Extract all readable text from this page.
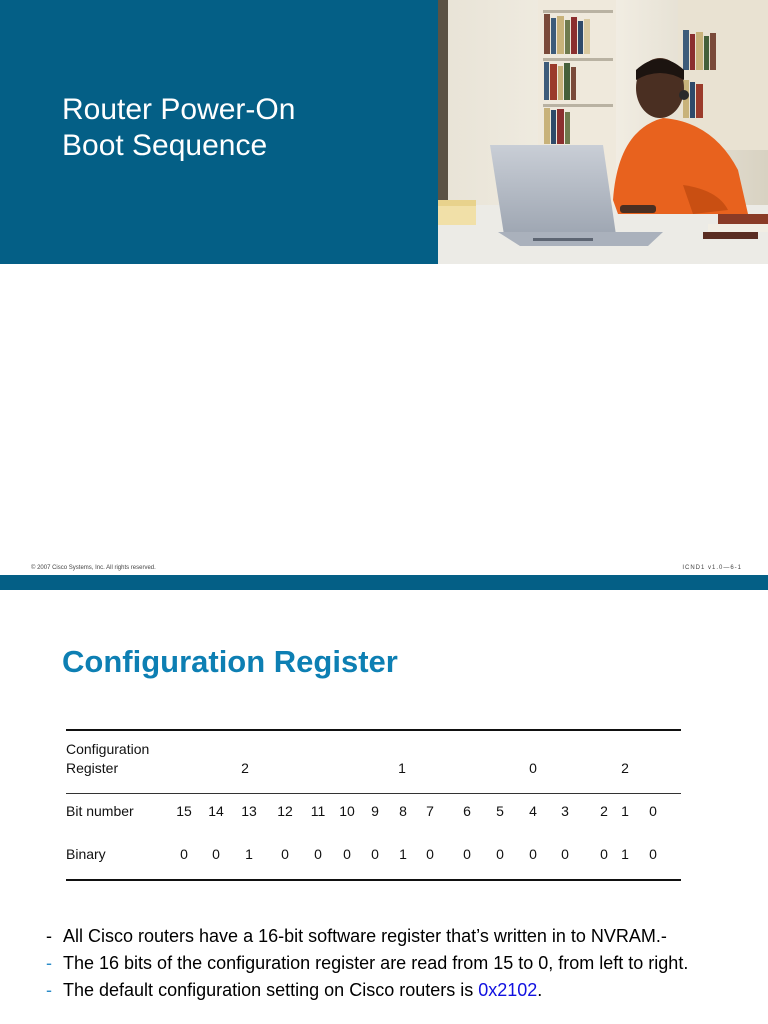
Router Power-On
Boot Sequence
© 2007 Cisco Systems, Inc. All rights reserved.	ICND1 v1.0—6-1
Configuration Register
Configuration
Register	2	1	0	2
Bit number	15 14 13 12 11 10 9 8 7 6 5 4 3 2 1 0
Binary	0 0 1 0 0 0 0 1 0 0 0 0 0 0 1 0
- All Cisco routers have a 16-bit software register that’s written in to NVRAM.-
- The 16 bits of the configuration register are read from 15 to 0, from left to right.
- The default configuration setting on Cisco routers is 0x2102.
